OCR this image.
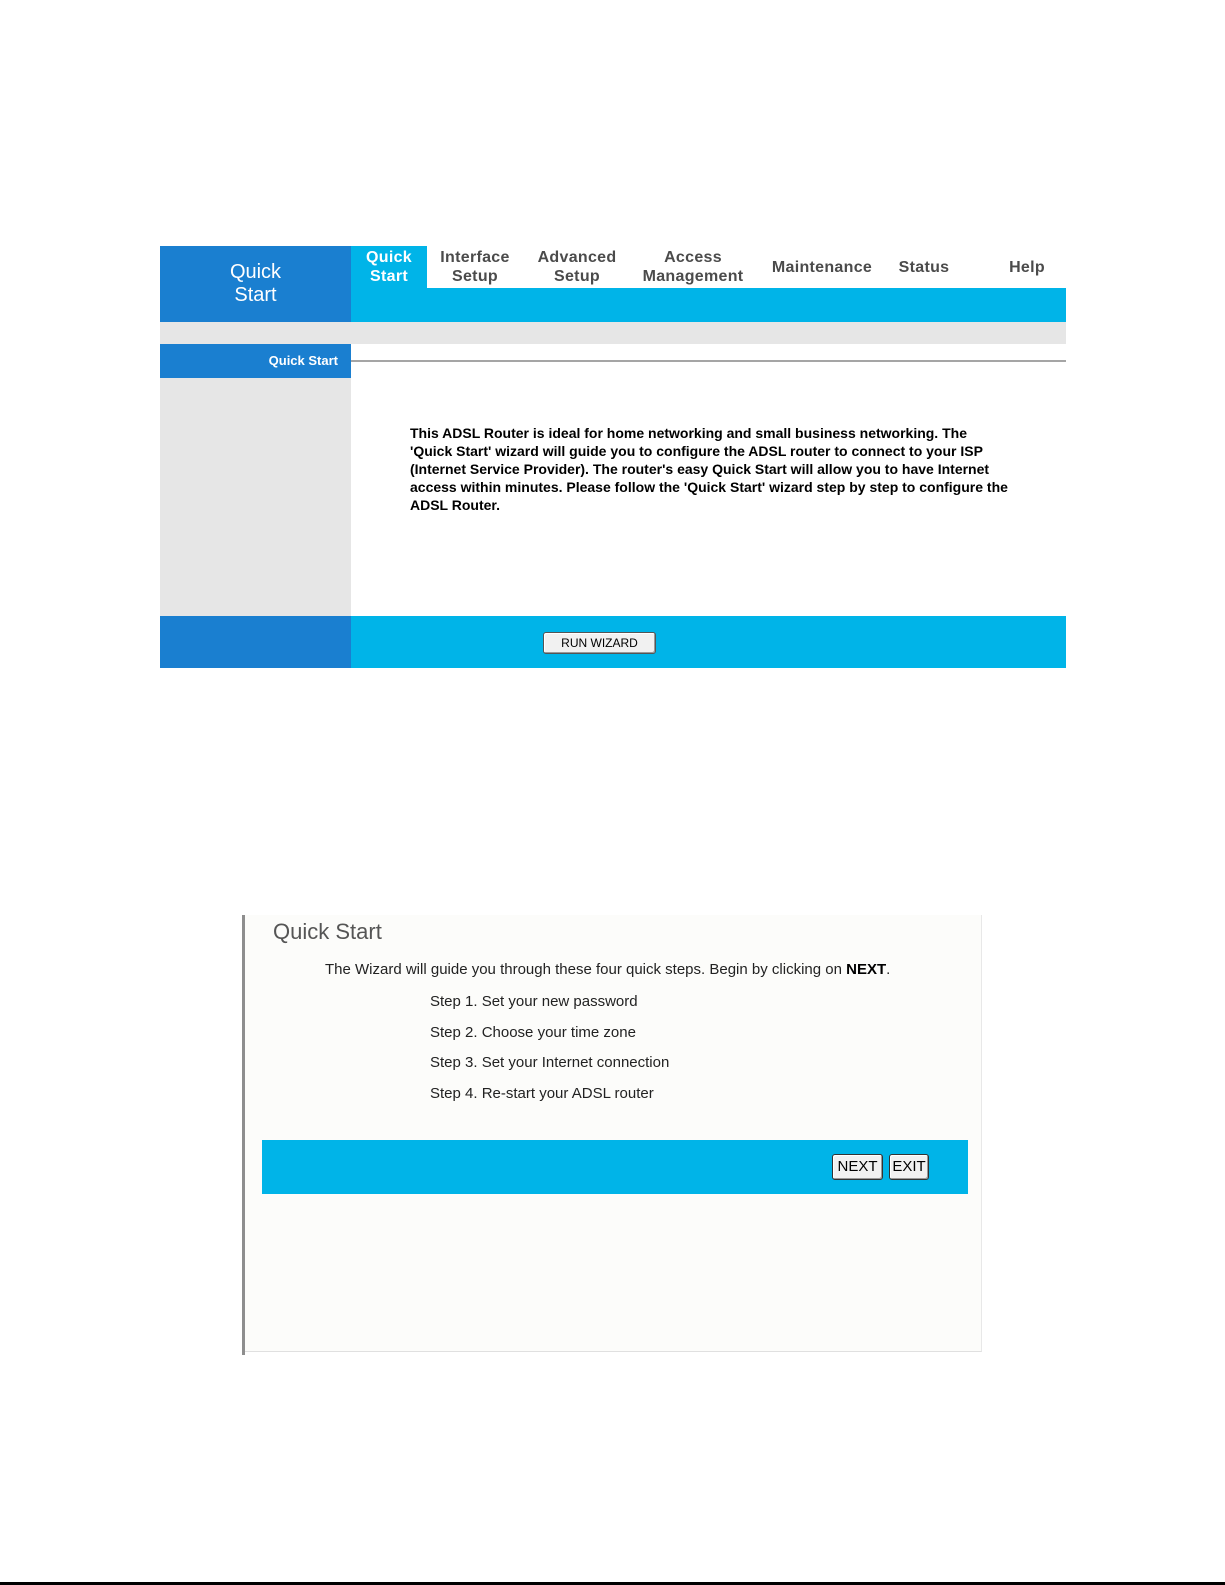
Quick
Start
Quick
Start
Interface
Setup
Advanced
Setup
Access
Management
Maintenance Status	Help
Quick Start
This ADSL Router is ideal for home networking and small business networking. The 'Quick Start' wizard will guide you to configure the ADSL router to connect to your ISP (Internet Service Provider). The router's easy Quick Start will allow you to have Internet access within minutes. Please follow the 'Quick Start' wizard step by step to configure the ADSL Router.
RUN WIZARD
Quick Start
The Wizard will guide you through these four quick steps. Begin by clicking on NEXT.
Step 1. Set your new password
Step 2. Choose your time zone
Step 3. Set your Internet connection
Step 4. Re-start your ADSL router
NEXT EXIT
